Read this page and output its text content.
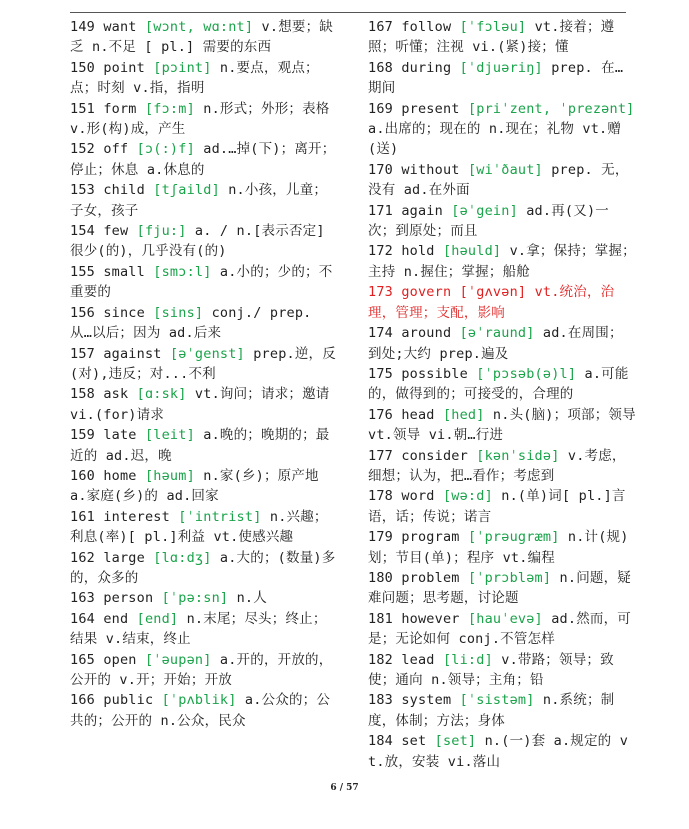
149 want [wɔnt, wɑ:nt] v.想要；缺乏 n.不足 [ pl.] 需要的东西

150 point [pɔint] n.要点，观点；点；时刻 v.指，指明

151 form [fɔ:m] n.形式；外形；表格 v.形(构)成，产生

152 off [ɔ(:)f] ad.…掉(下)；离开；停止；休息 a.休息的

153 child [tʃaild] n.小孩，儿童；子女，孩子

154 few [fju:] a. / n.[表示否定]很少(的)，几乎没有(的)

155 small [smɔ:l] a.小的；少的；不重要的

156 since [sins] conj./ prep. 从…以后；因为 ad.后来

157 against [əˈgenst] prep.逆，反(对),违反；对...不利

158 ask [ɑ:sk] vt.询问；请求；邀请 vi.(for)请求

159 late [leit] a.晚的；晚期的；最近的 ad.迟，晚

160 home [həum] n.家(乡)；原产地 a.家庭(乡)的 ad.回家

161 interest [ˈintrist] n.兴趣；利息(率)[ pl.]利益 vt.使感兴趣

162 large [lɑ:dʒ] a.大的；(数量)多的，众多的

163 person [ˈpə:sn] n.人

164 end [end] n.末尾；尽头；终止；结果 v.结束，终止

165 open [ˈəupən] a.开的，开放的，公开的 v.开；开始；开放

166 public [ˈpʌblik] a.公众的；公共的；公开的 n.公众，民众

167 follow [ˈfɔləu] vt.接着；遵照；听懂；注视 vi.(紧)接；懂

168 during [ˈdjuəriŋ] prep. 在…期间

169 present [priˈzent, ˈprezənt] a.出席的；现在的 n.现在；礼物 vt.赠(送)

170 without [wiˈðaut] prep. 无，没有 ad.在外面

171 again [əˈgein] ad.再(又)一次；到原处；而且

172 hold [həuld] v.拿；保持；掌握；主持 n.握住；掌握；船舱

173 govern [ˈgʌvən] vt.统治，治理，管理；支配，影响

174 around [əˈraund] ad.在周围；到处;大约 prep.遍及

175 possible [ˈpɔsəb(ə)l] a.可能的，做得到的；可接受的，合理的

176 head [hed] n.头(脑)；项部；领导 vt.领导 vi.朝…行进

177 consider [kənˈsidə] v.考虑，细想；认为，把…看作；考虑到

178 word [wə:d] n.(单)词[ pl.]言语，话；传说；诺言

179 program [ˈprəugræm] n.计(规)划；节目(单)；程序 vt.编程

180 problem [ˈprɔbləm] n.问题，疑难问题；思考题，讨论题

181 however [hauˈevə] ad.然而，可是；无论如何 conj.不管怎样

182 lead [li:d] v.带路；领导；致使；通向 n.领导；主角；铅

183 system [ˈsistəm] n.系统；制度，体制；方法；身体

184 set [set] n.(一)套 a.规定的 vt.放，安装 vi.落山

6 / 57
